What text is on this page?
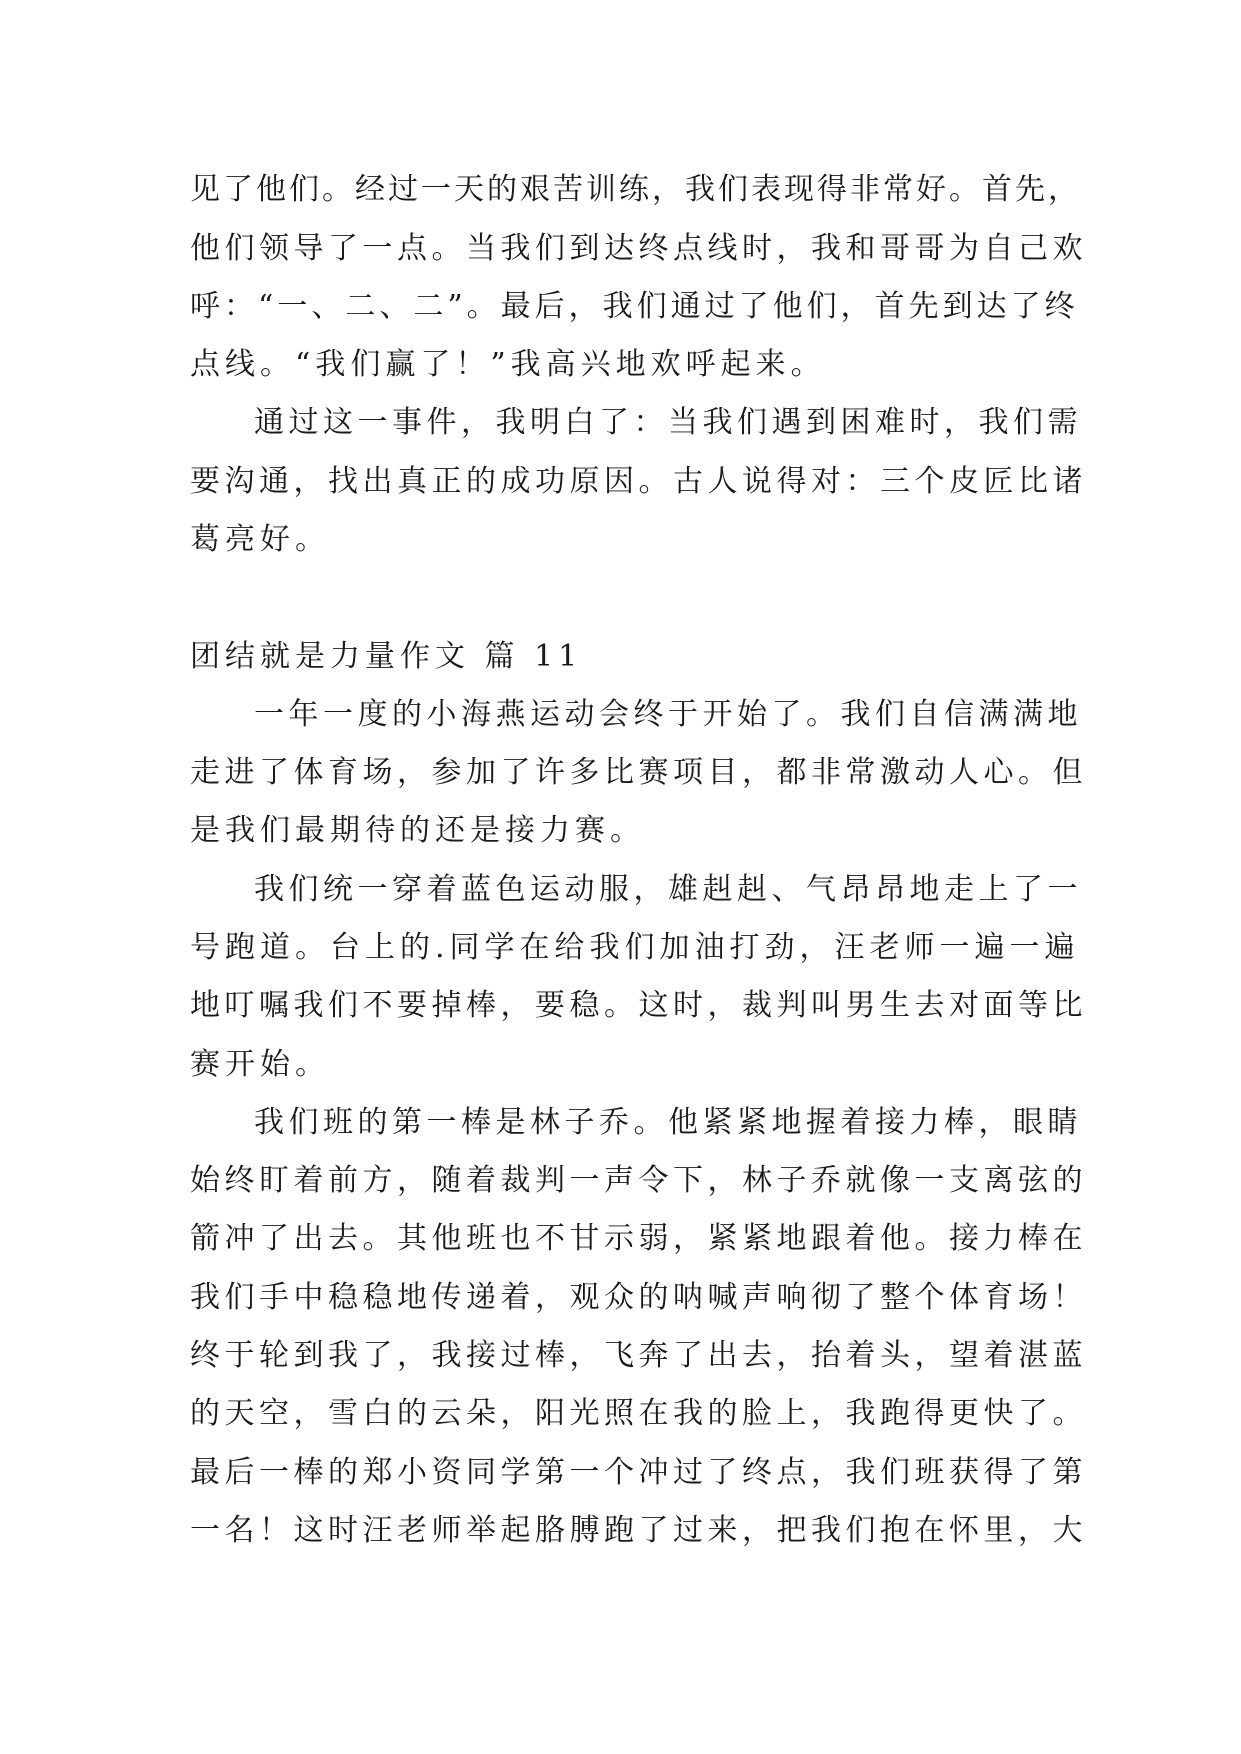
见了他们。经过一天的艰苦训练，我们表现得非常好。首先，
他们领导了一点。当我们到达终点线时，我和哥哥为自己欢
呼：“一、二、二”。最后，我们通过了他们，首先到达了终
点线。“我们赢了！”我高兴地欢呼起来。
通过这一事件，我明白了：当我们遇到困难时，我们需
要沟通，找出真正的成功原因。古人说得对：三个皮匠比诸
葛亮好。
团结就是力量作文 篇 11
一年一度的小海燕运动会终于开始了。我们自信满满地
走进了体育场，参加了许多比赛项目，都非常激动人心。但
是我们最期待的还是接力赛。
我们统一穿着蓝色运动服，雄赳赳、气昂昂地走上了一
号跑道。台上的.同学在给我们加油打劲，汪老师一遍一遍
地叮嘱我们不要掉棒，要稳。这时，裁判叫男生去对面等比
赛开始。
我们班的第一棒是林子乔。他紧紧地握着接力棒，眼睛
始终盯着前方，随着裁判一声令下，林子乔就像一支离弦的
箭冲了出去。其他班也不甘示弱，紧紧地跟着他。接力棒在
我们手中稳稳地传递着，观众的呐喊声响彻了整个体育场！
终于轮到我了，我接过棒，飞奔了出去，抬着头，望着湛蓝
的天空，雪白的云朵，阳光照在我的脸上，我跑得更快了。
最后一棒的郑小资同学第一个冲过了终点，我们班获得了第
一名！这时汪老师举起胳膊跑了过来，把我们抱在怀里，大
